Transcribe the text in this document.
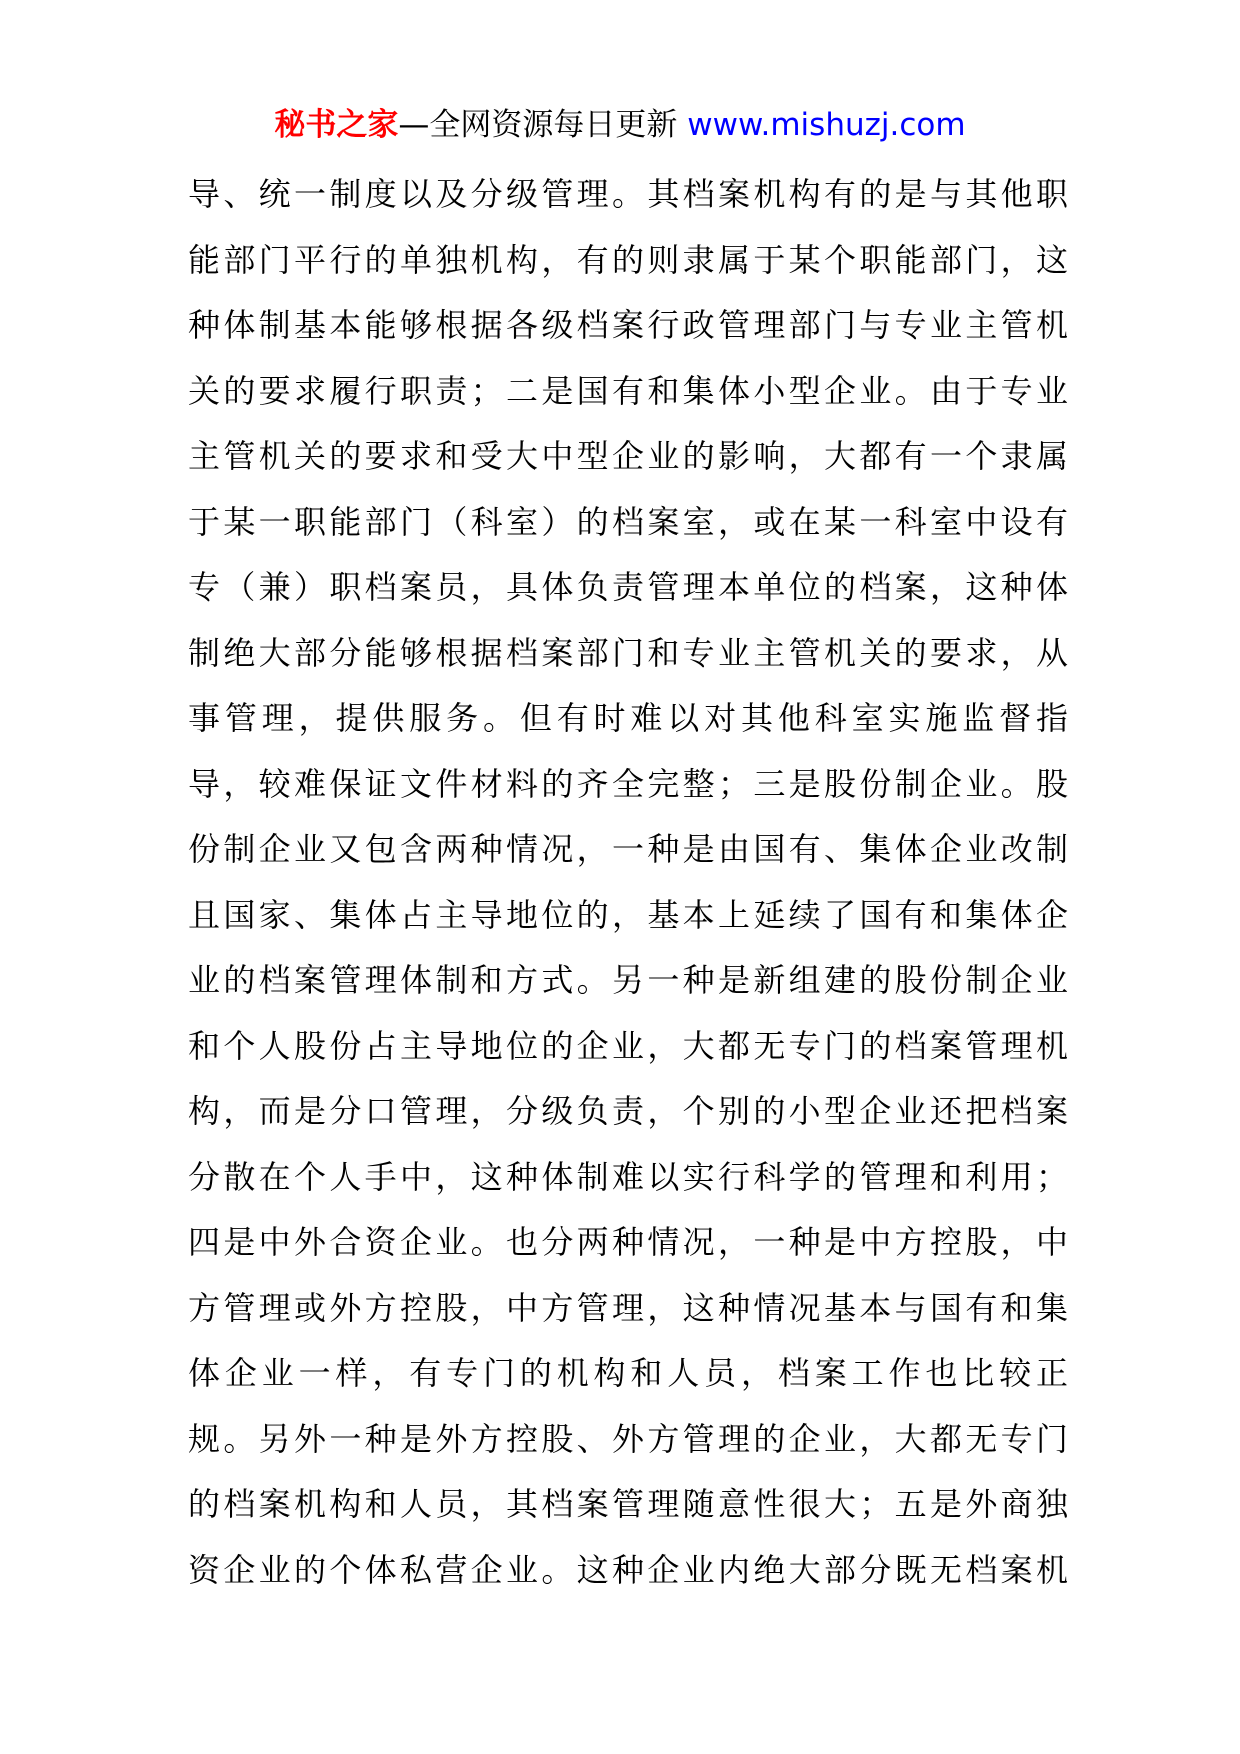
秘书之家—全网资源每日更新 www.mishuzj.com
导、统一制度以及分级管理。其档案机构有的是与其他职
能部门平行的单独机构，有的则隶属于某个职能部门，这
种体制基本能够根据各级档案行政管理部门与专业主管机
关的要求履行职责；二是国有和集体小型企业。由于专业
主管机关的要求和受大中型企业的影响，大都有一个隶属
于某一职能部门（科室）的档案室，或在某一科室中设有
专（兼）职档案员，具体负责管理本单位的档案，这种体
制绝大部分能够根据档案部门和专业主管机关的要求，从
事管理，提供服务。但有时难以对其他科室实施监督指
导，较难保证文件材料的齐全完整；三是股份制企业。股
份制企业又包含两种情况，一种是由国有、集体企业改制
且国家、集体占主导地位的，基本上延续了国有和集体企
业的档案管理体制和方式。另一种是新组建的股份制企业
和个人股份占主导地位的企业，大都无专门的档案管理机
构，而是分口管理，分级负责，个别的小型企业还把档案
分散在个人手中，这种体制难以实行科学的管理和利用；
四是中外合资企业。也分两种情况，一种是中方控股，中
方管理或外方控股，中方管理，这种情况基本与国有和集
体企业一样，有专门的机构和人员，档案工作也比较正
规。另外一种是外方控股、外方管理的企业，大都无专门
的档案机构和人员，其档案管理随意性很大；五是外商独
资企业的个体私营企业。这种企业内绝大部分既无档案机
